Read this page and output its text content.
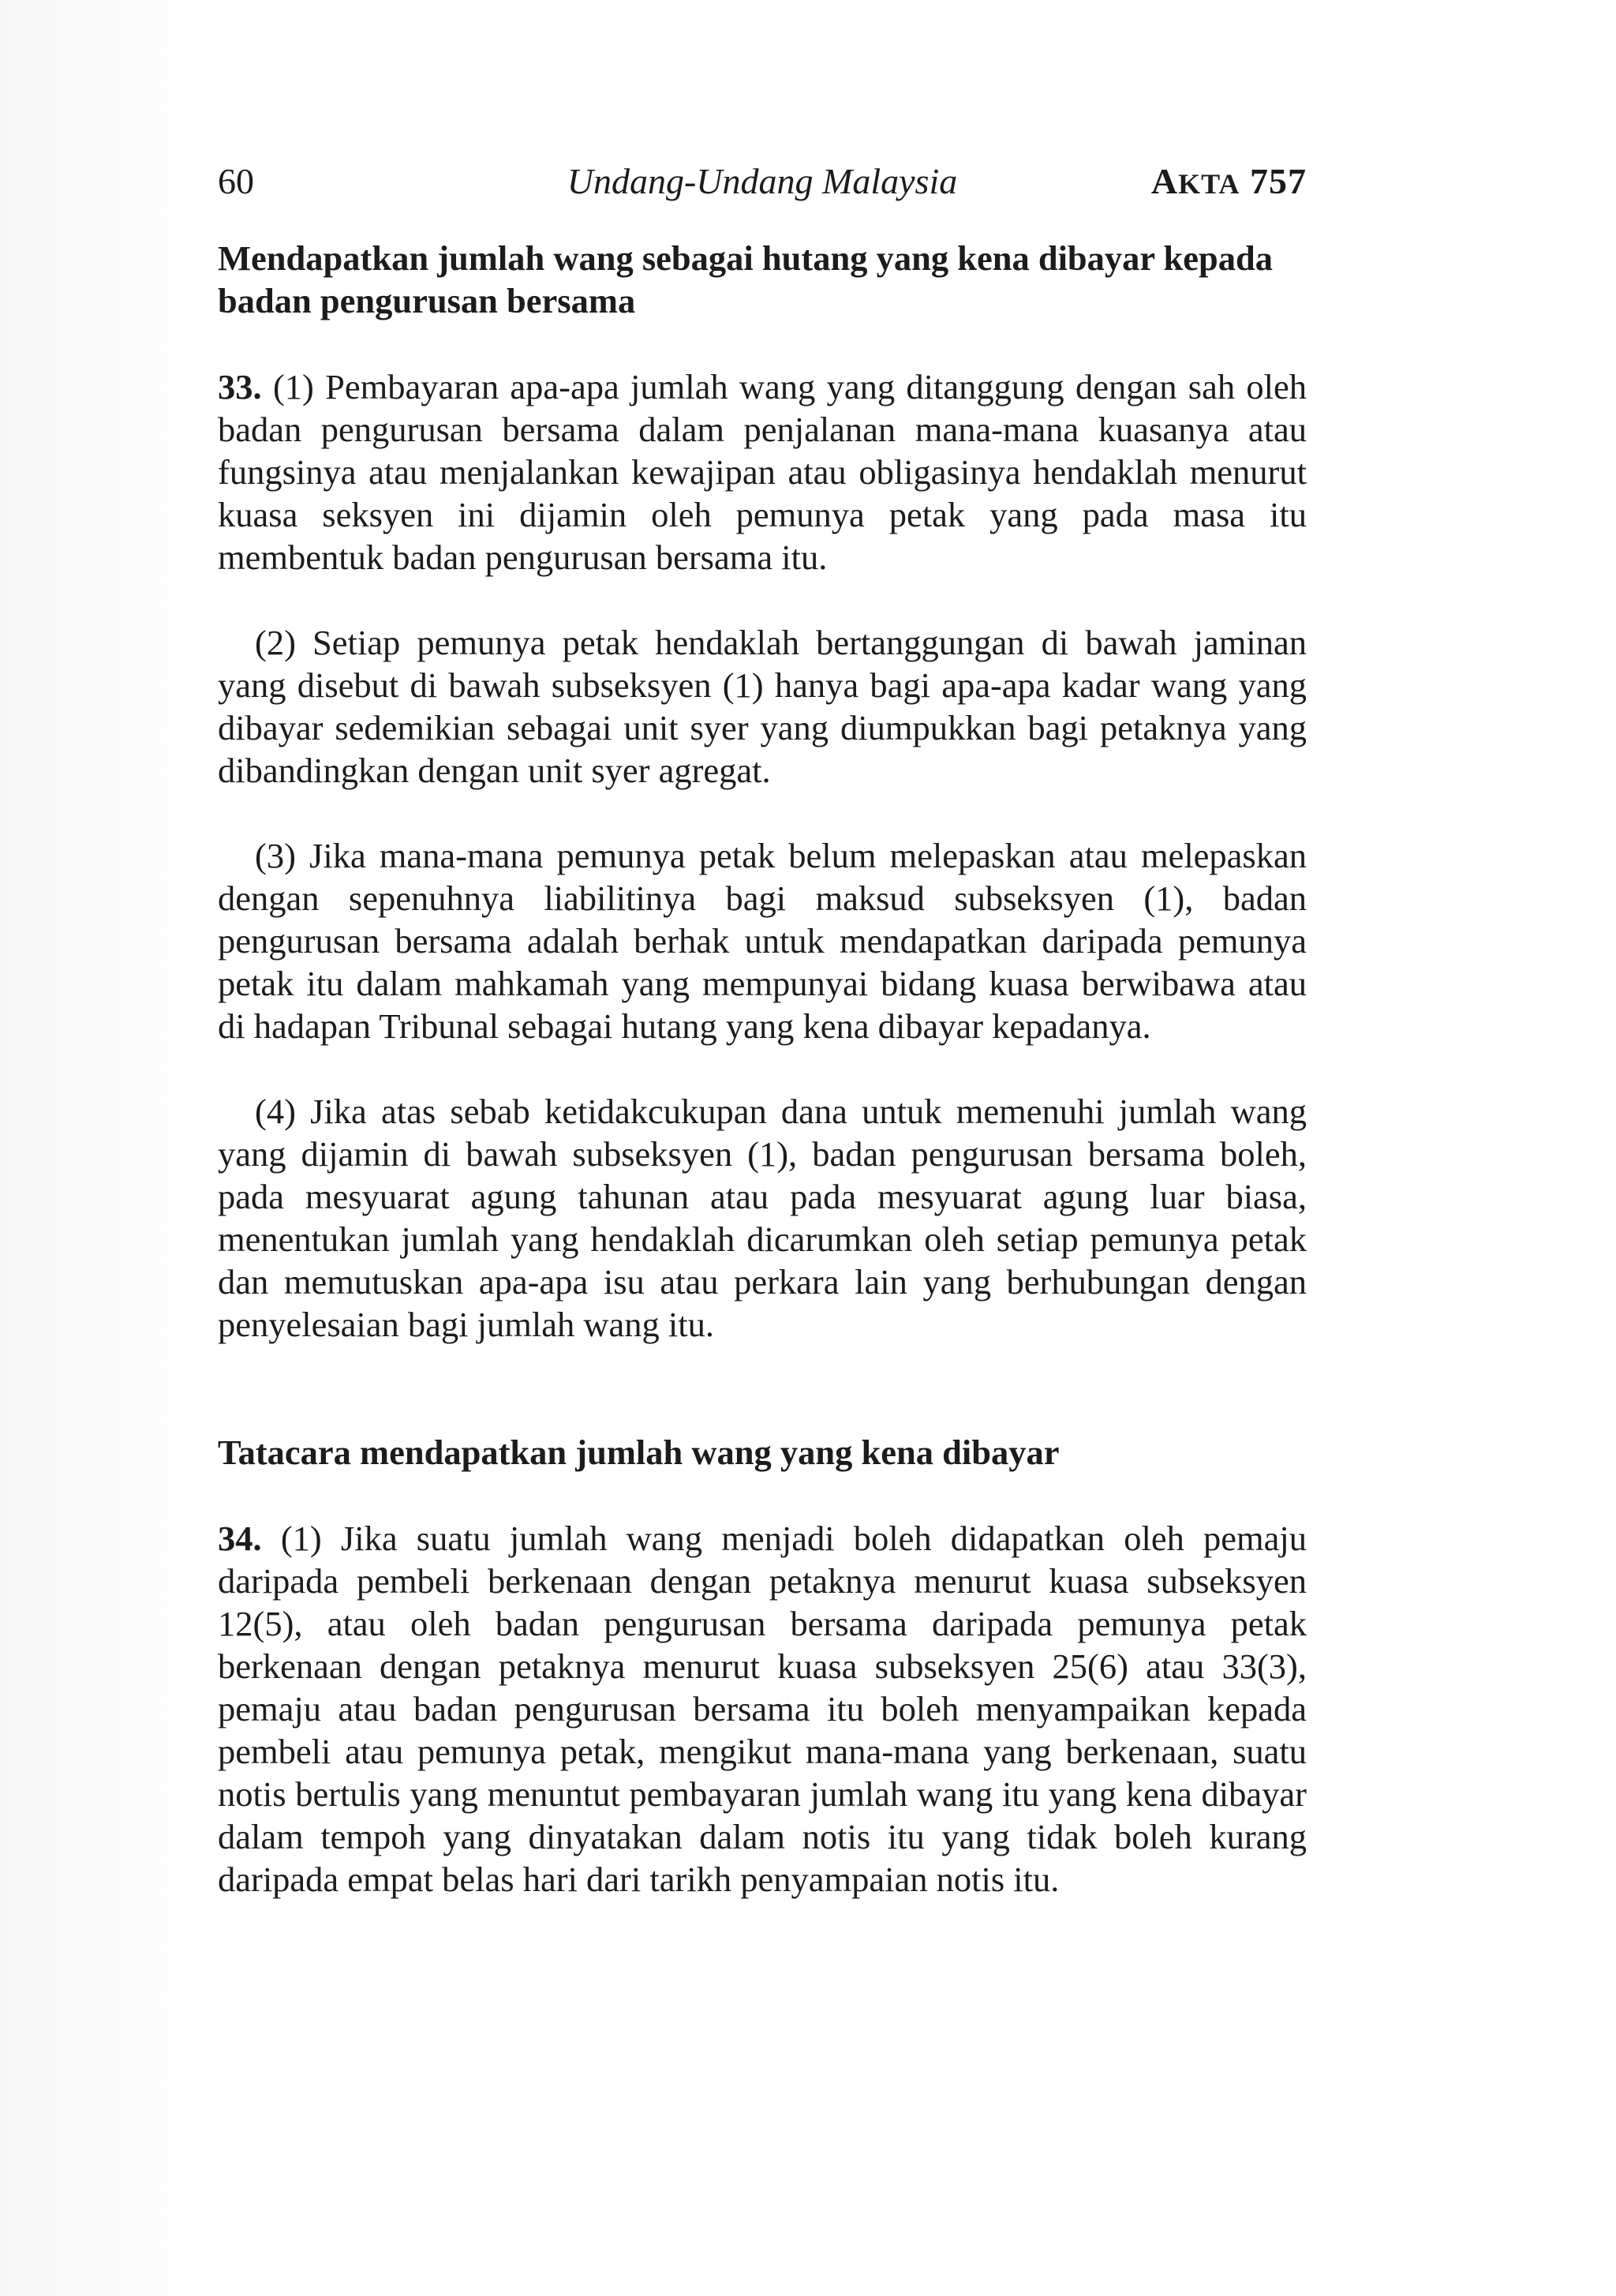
60	Undang-Undang Malaysia	AKTA 757

Mendapatkan jumlah wang sebagai hutang yang kena dibayar kepada badan pengurusan bersama

33. (1) Pembayaran apa-apa jumlah wang yang ditanggung dengan sah oleh badan pengurusan bersama dalam penjalanan mana-mana kuasanya atau fungsinya atau menjalankan kewajipan atau obligasinya hendaklah menurut kuasa seksyen ini dijamin oleh pemunya petak yang pada masa itu membentuk badan pengurusan bersama itu.

(2) Setiap pemunya petak hendaklah bertanggungan di bawah jaminan yang disebut di bawah subseksyen (1) hanya bagi apa-apa kadar wang yang dibayar sedemikian sebagai unit syer yang diumpukkan bagi petaknya yang dibandingkan dengan unit syer agregat.

(3) Jika mana-mana pemunya petak belum melepaskan atau melepaskan dengan sepenuhnya liabilitinya bagi maksud subseksyen (1), badan pengurusan bersama adalah berhak untuk mendapatkan daripada pemunya petak itu dalam mahkamah yang mempunyai bidang kuasa berwibawa atau di hadapan Tribunal sebagai hutang yang kena dibayar kepadanya.

(4) Jika atas sebab ketidakcukupan dana untuk memenuhi jumlah wang yang dijamin di bawah subseksyen (1), badan pengurusan bersama boleh, pada mesyuarat agung tahunan atau pada mesyuarat agung luar biasa, menentukan jumlah yang hendaklah dicarumkan oleh setiap pemunya petak dan memutuskan apa-apa isu atau perkara lain yang berhubungan dengan penyelesaian bagi jumlah wang itu.

Tatacara mendapatkan jumlah wang yang kena dibayar

34. (1) Jika suatu jumlah wang menjadi boleh didapatkan oleh pemaju daripada pembeli berkenaan dengan petaknya menurut kuasa subseksyen 12(5), atau oleh badan pengurusan bersama daripada pemunya petak berkenaan dengan petaknya menurut kuasa subseksyen 25(6) atau 33(3), pemaju atau badan pengurusan bersama itu boleh menyampaikan kepada pembeli atau pemunya petak, mengikut mana-mana yang berkenaan, suatu notis bertulis yang menuntut pembayaran jumlah wang itu yang kena dibayar dalam tempoh yang dinyatakan dalam notis itu yang tidak boleh kurang daripada empat belas hari dari tarikh penyampaian notis itu.
